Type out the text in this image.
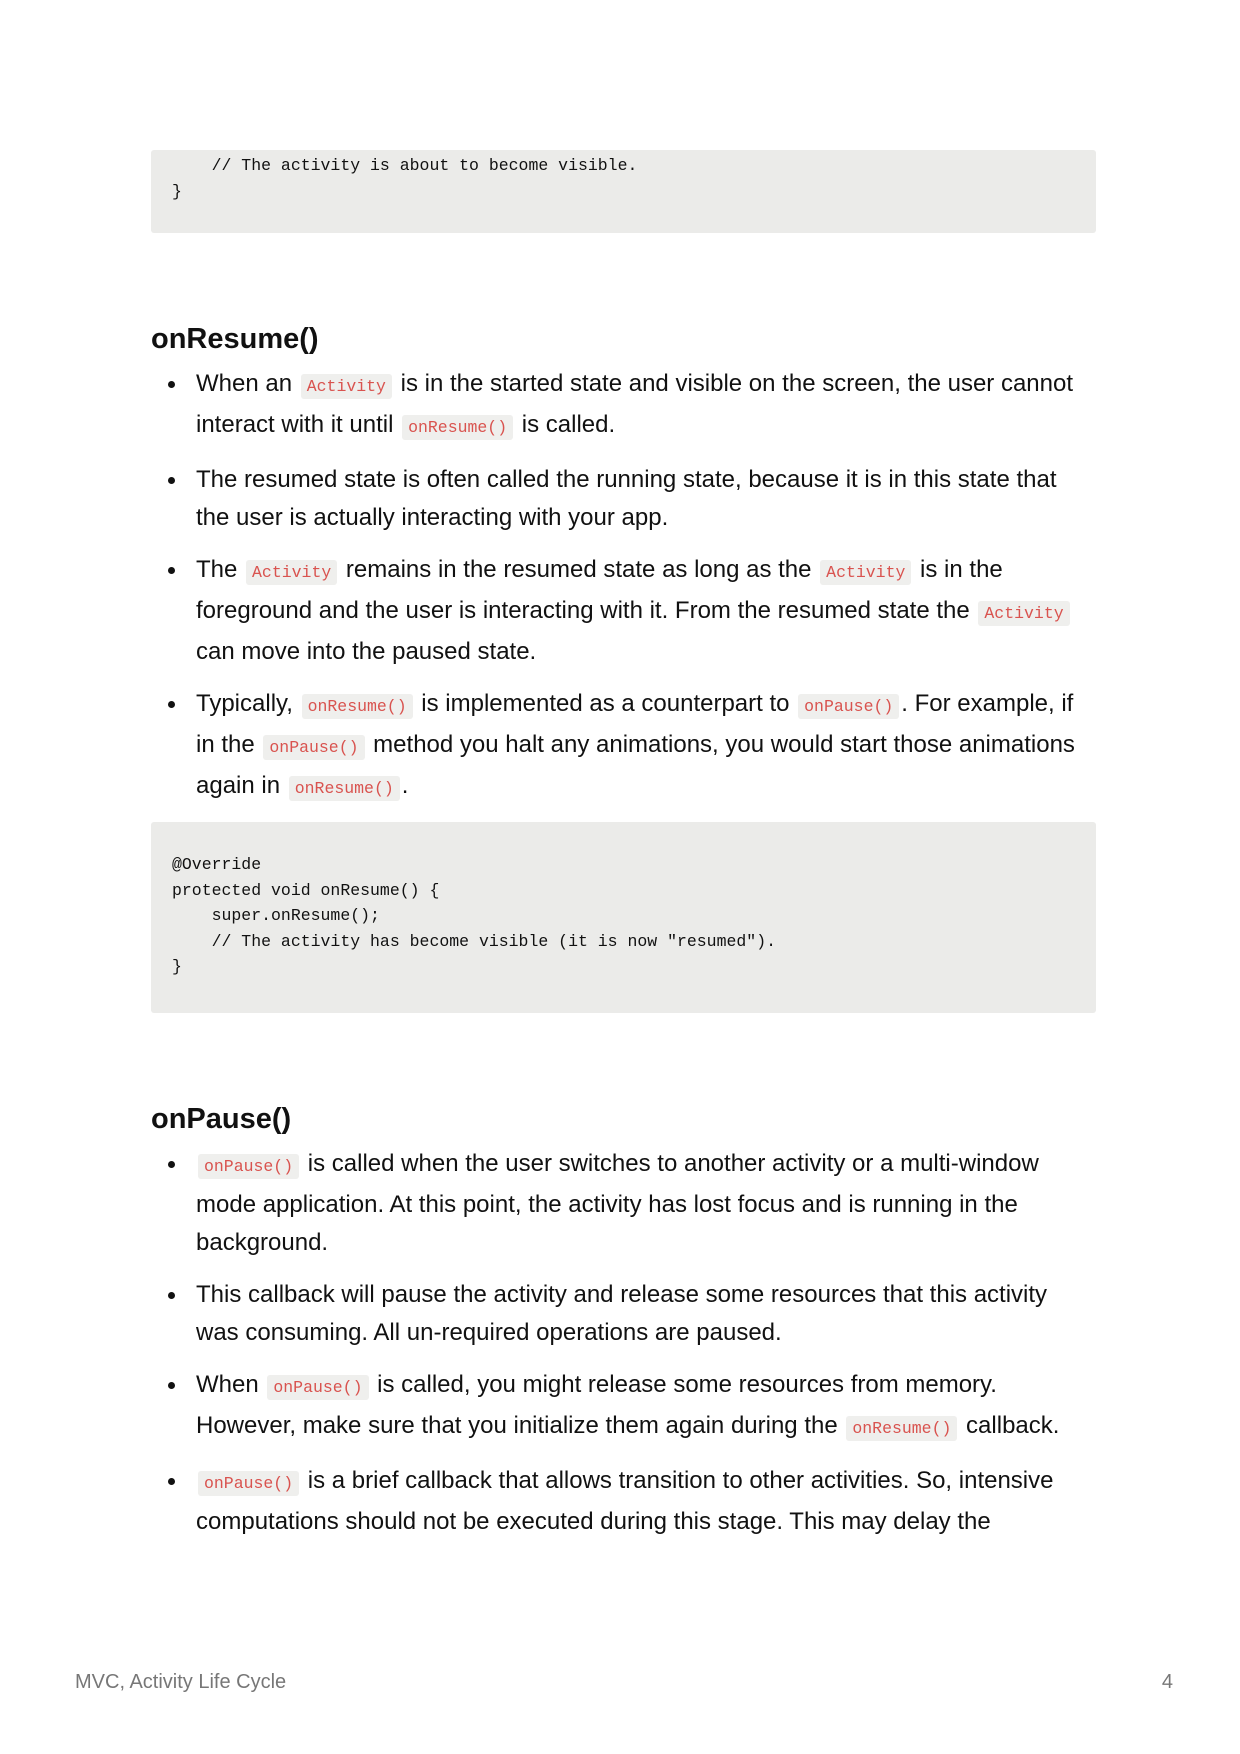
// The activity is about to become visible.
}
onResume()
When an Activity is in the started state and visible on the screen, the user cannot interact with it until onResume() is called.
The resumed state is often called the running state, because it is in this state that the user is actually interacting with your app.
The Activity remains in the resumed state as long as the Activity is in the foreground and the user is interacting with it. From the resumed state the Activity can move into the paused state.
Typically, onResume() is implemented as a counterpart to onPause() . For example, if in the onPause() method you halt any animations, you would start those animations again in onResume() .
@Override
protected void onResume() {
super.onResume();
// The activity has become visible (it is now "resumed").
}
onPause()
onPause() is called when the user switches to another activity or a multi-window mode application. At this point, the activity has lost focus and is running in the background.
This callback will pause the activity and release some resources that this activity was consuming. All un-required operations are paused.
When onPause() is called, you might release some resources from memory. However, make sure that you initialize them again during the onResume() callback.
onPause() is a brief callback that allows transition to other activities. So, intensive computations should not be executed during this stage. This may delay the
MVC, Activity Life Cycle	4
